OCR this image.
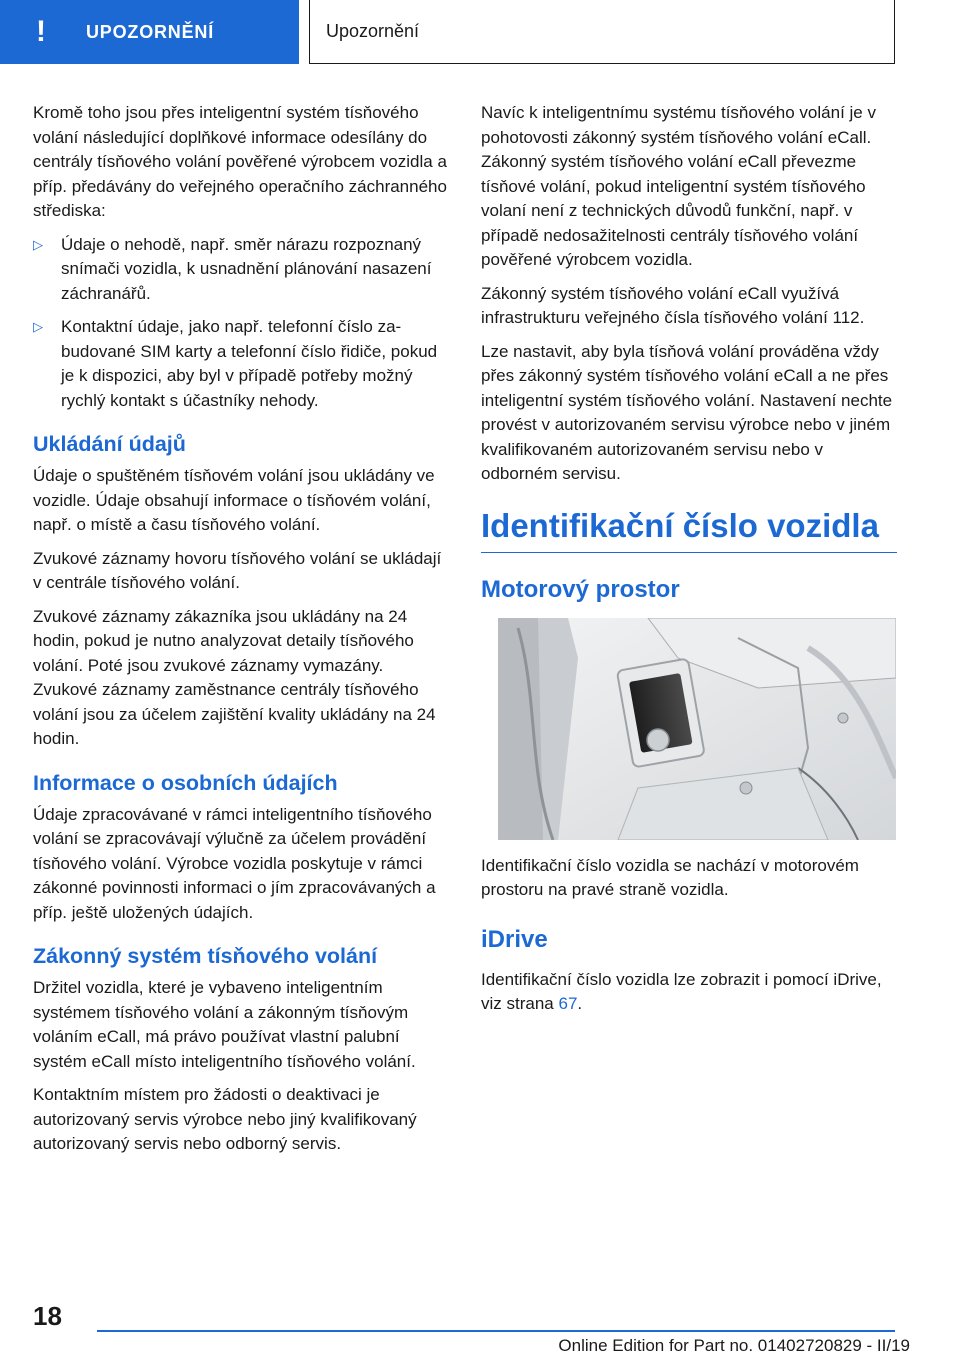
!	UPOZORNĚNÍ	Upozornění

Kromě toho jsou přes inteligentní systém tísňového volání následující doplňkové informace odesílány do centrály tísňového volání pověřené výrobcem vozidla a příp. předávány do veřejného operačního záchranného střediska:

▷ Údaje o nehodě, např. směr nárazu rozpoznaný snímači vozidla, k usnadnění plánování nasazení záchranářů.
▷ Kontaktní údaje, jako např. telefonní číslo zabudované SIM karty a telefonní číslo řidiče, pokud je k dispozici, aby byl v případě potřeby možný rychlý kontakt s účastníky nehody.
Ukládání údajů

Údaje o spuštěném tísňovém volání jsou ukládány ve vozidle. Údaje obsahují informace o tísňovém volání, např. o místě a času tísňového volání.

Zvukové záznamy hovoru tísňového volání se ukládají v centrále tísňového volání.

Zvukové záznamy zákazníka jsou ukládány na 24 hodin, pokud je nutno analyzovat detaily tísňového volání. Poté jsou zvukové záznamy vymazány. Zvukové záznamy zaměstnance centrály tísňového volání jsou za účelem zajištění kvality ukládány na 24 hodin.

Informace o osobních údajích

Údaje zpracovávané v rámci inteligentního tísňového volání se zpracovávají výlučně za účelem provádění tísňového volání. Výrobce vozidla poskytuje v rámci zákonné povinnosti informaci o jím zpracovávaných a příp. ještě uložených údajích.

Zákonný systém tísňového volání

Držitel vozidla, které je vybaveno inteligentním systémem tísňového volání a zákonným tísňovým voláním eCall, má právo používat vlastní palubní systém eCall místo inteligentního tísňového volání.

Kontaktním místem pro žádosti o deaktivaci je autorizovaný servis výrobce nebo jiný kvalifikovaný autorizovaný servis nebo odborný servis.

Navíc k inteligentnímu systému tísňového volání je v pohotovosti zákonný systém tísňového volání eCall. Zákonný systém tísňového volání eCall převezme tísňové volání, pokud inteligentní systém tísňového volaní není z technických důvodů funkční, např. v případě nedosažitelnosti centrály tísňového volání pověřené výrobcem vozidla.

Zákonný systém tísňového volání eCall využívá infrastrukturu veřejného čísla tísňového volání 112.

Lze nastavit, aby byla tísňová volání prováděna vždy přes zákonný systém tísňového volání eCall a ne přes inteligentní systém tísňového volání. Nastavení nechte provést v autorizovaném servisu výrobce nebo v jiném kvalifikovaném autorizovaném servisu nebo v odborném servisu.

Identifikační číslo vozidla
Motorový prostor

Identifikační číslo vozidla se nachází v motorovém prostoru na pravé straně vozidla.

iDrive

Identifikační číslo vozidla lze zobrazit i pomocí iDrive, viz strana 67.

18
Online Edition for Part no. 01402720829 - II/19
